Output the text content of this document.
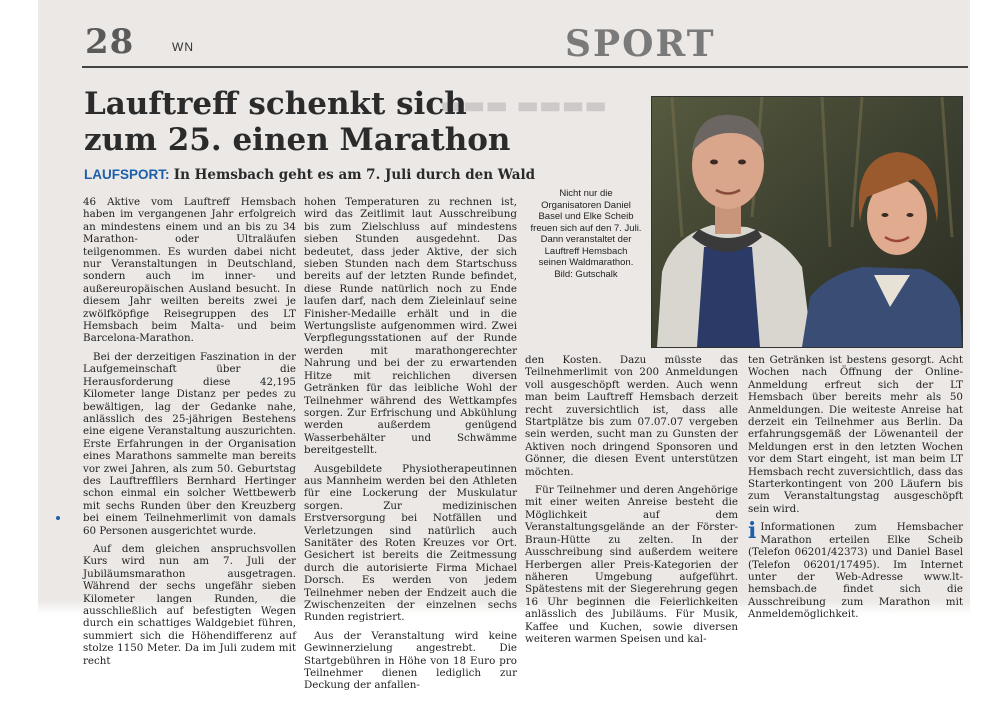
28	WN	SPORT
▬▬▬ ▬▬▬▬
Lauftreff schenkt sich
zum 25. einen Marathon
LAUFSPORT: In Hemsbach geht es am 7. Juli durch den Wald

46 Aktive vom Lauftreff Hemsbach haben im vergangenen Jahr erfolgreich an mindestens einem und an bis zu 34 Marathon- oder Ultraläufen teilgenommen. Es wurden dabei nicht nur Veranstaltungen in Deutschland, sondern auch im inner- und außereuropäischen Ausland besucht. In diesem Jahr weilten bereits zwei je zwölfköpfige Reisegruppen des LT Hemsbach beim Malta- und beim Barcelona-Marathon.

Bei der derzeitigen Faszination in der Laufgemeinschaft über die Herausforderung diese 42,195 Kilometer lange Distanz per pedes zu bewältigen, lag der Gedanke nahe, anlässlich des 25-jährigen Bestehens eine eigene Veranstaltung auszurichten. Erste Erfahrungen in der Organisation eines Marathons sammelte man bereits vor zwei Jahren, als zum 50. Geburtstag des Lauftreffllers Bernhard Hertinger schon einmal ein solcher Wettbewerb mit sechs Runden über den Kreuzberg bei einem Teilnehmerlimit von damals 60 Personen ausgerichtet wurde.

Auf dem gleichen anspruchsvollen Kurs wird nun am 7. Juli der Jubiläumsmarathon ausgetragen. Während der sechs ungefähr sieben Kilometer langen Runden, die ausschließlich auf befestigten Wegen durch ein schattiges Waldgebiet führen, summiert sich die Höhendifferenz auf stolze 1150 Meter. Da im Juli zudem mit recht

hohen Temperaturen zu rechnen ist, wird das Zeitlimit laut Ausschreibung bis zum Zielschluss auf mindestens sieben Stunden ausgedehnt. Das bedeutet, dass jeder Aktive, der sich sieben Stunden nach dem Startschuss bereits auf der letzten Runde befindet, diese Runde natürlich noch zu Ende laufen darf, nach dem Zieleinlauf seine Finisher-Medaille erhält und in die Wertungsliste aufgenommen wird. Zwei Verpflegungsstationen auf der Runde werden mit marathongerechter Nahrung und bei der zu erwartenden Hitze mit reichlichen diversen Getränken für das leibliche Wohl der Teilnehmer während des Wettkampfes sorgen. Zur Erfrischung und Abkühlung werden außerdem genügend Wasserbehälter und Schwämme bereitgestellt.

Ausgebildete Physiotherapeutinnen aus Mannheim werden bei den Athleten für eine Lockerung der Muskulatur sorgen. Zur medizinischen Erstversorgung bei Notfällen und Verletzungen sind natürlich auch Sanitäter des Roten Kreuzes vor Ort. Gesichert ist bereits die Zeitmessung durch die autorisierte Firma Michael Dorsch. Es werden von jedem Teilnehmer neben der Endzeit auch die Zwischenzeiten der einzelnen sechs Runden registriert.

Aus der Veranstaltung wird keine Gewinnerzielung angestrebt. Die Startgebühren in Höhe von 18 Euro pro Teilnehmer dienen lediglich zur Deckung der anfallen-

Nicht nur die Organisatoren Daniel Basel und Elke Scheib freuen sich auf den 7. Juli. Dann veranstaltet der Lauftreff Hemsbach seinen Waldmarathon. Bild: Gutschalk

den Kosten. Dazu müsste das Teilnehmerlimit von 200 Anmeldungen voll ausgeschöpft werden. Auch wenn man beim Lauftreff Hemsbach derzeit recht zuversichtlich ist, dass alle Startplätze bis zum 07.07.07 vergeben sein werden, sucht man zu Gunsten der Aktiven noch dringend Sponsoren und Gönner, die diesen Event unterstützen möchten.

Für Teilnehmer und deren Angehörige mit einer weiten Anreise besteht die Möglichkeit auf dem Veranstaltungsgelände an der Förster-Braun-Hütte zu zelten. In der Ausschreibung sind außerdem weitere Herbergen aller Preis-Kategorien der näheren Umgebung aufgeführt. Spätestens mit der Siegerehrung gegen 16 Uhr beginnen die Feierlichkeiten anlässlich des Jubiläums. Für Musik, Kaffee und Kuchen, sowie diversen weiteren warmen Speisen und kal-

ten Getränken ist bestens gesorgt. Acht Wochen nach Öffnung der Online-Anmeldung erfreut sich der LT Hemsbach über bereits mehr als 50 Anmeldungen. Die weiteste Anreise hat derzeit ein Teilnehmer aus Berlin. Da erfahrungsgemäß der Löwenanteil der Meldungen erst in den letzten Wochen vor dem Start eingeht, ist man beim LT Hemsbach recht zuversichtlich, dass das Starterkontingent von 200 Läufern bis zum Veranstaltungstag ausgeschöpft sein wird.

i Informationen zum Hemsbacher Marathon erteilen Elke Scheib (Telefon 06201/42373) und Daniel Basel (Telefon 06201/17495). Im Internet unter der Web-Adresse www.lt-hemsbach.de findet sich die Ausschreibung zum Marathon mit Anmeldemöglichkeit.
